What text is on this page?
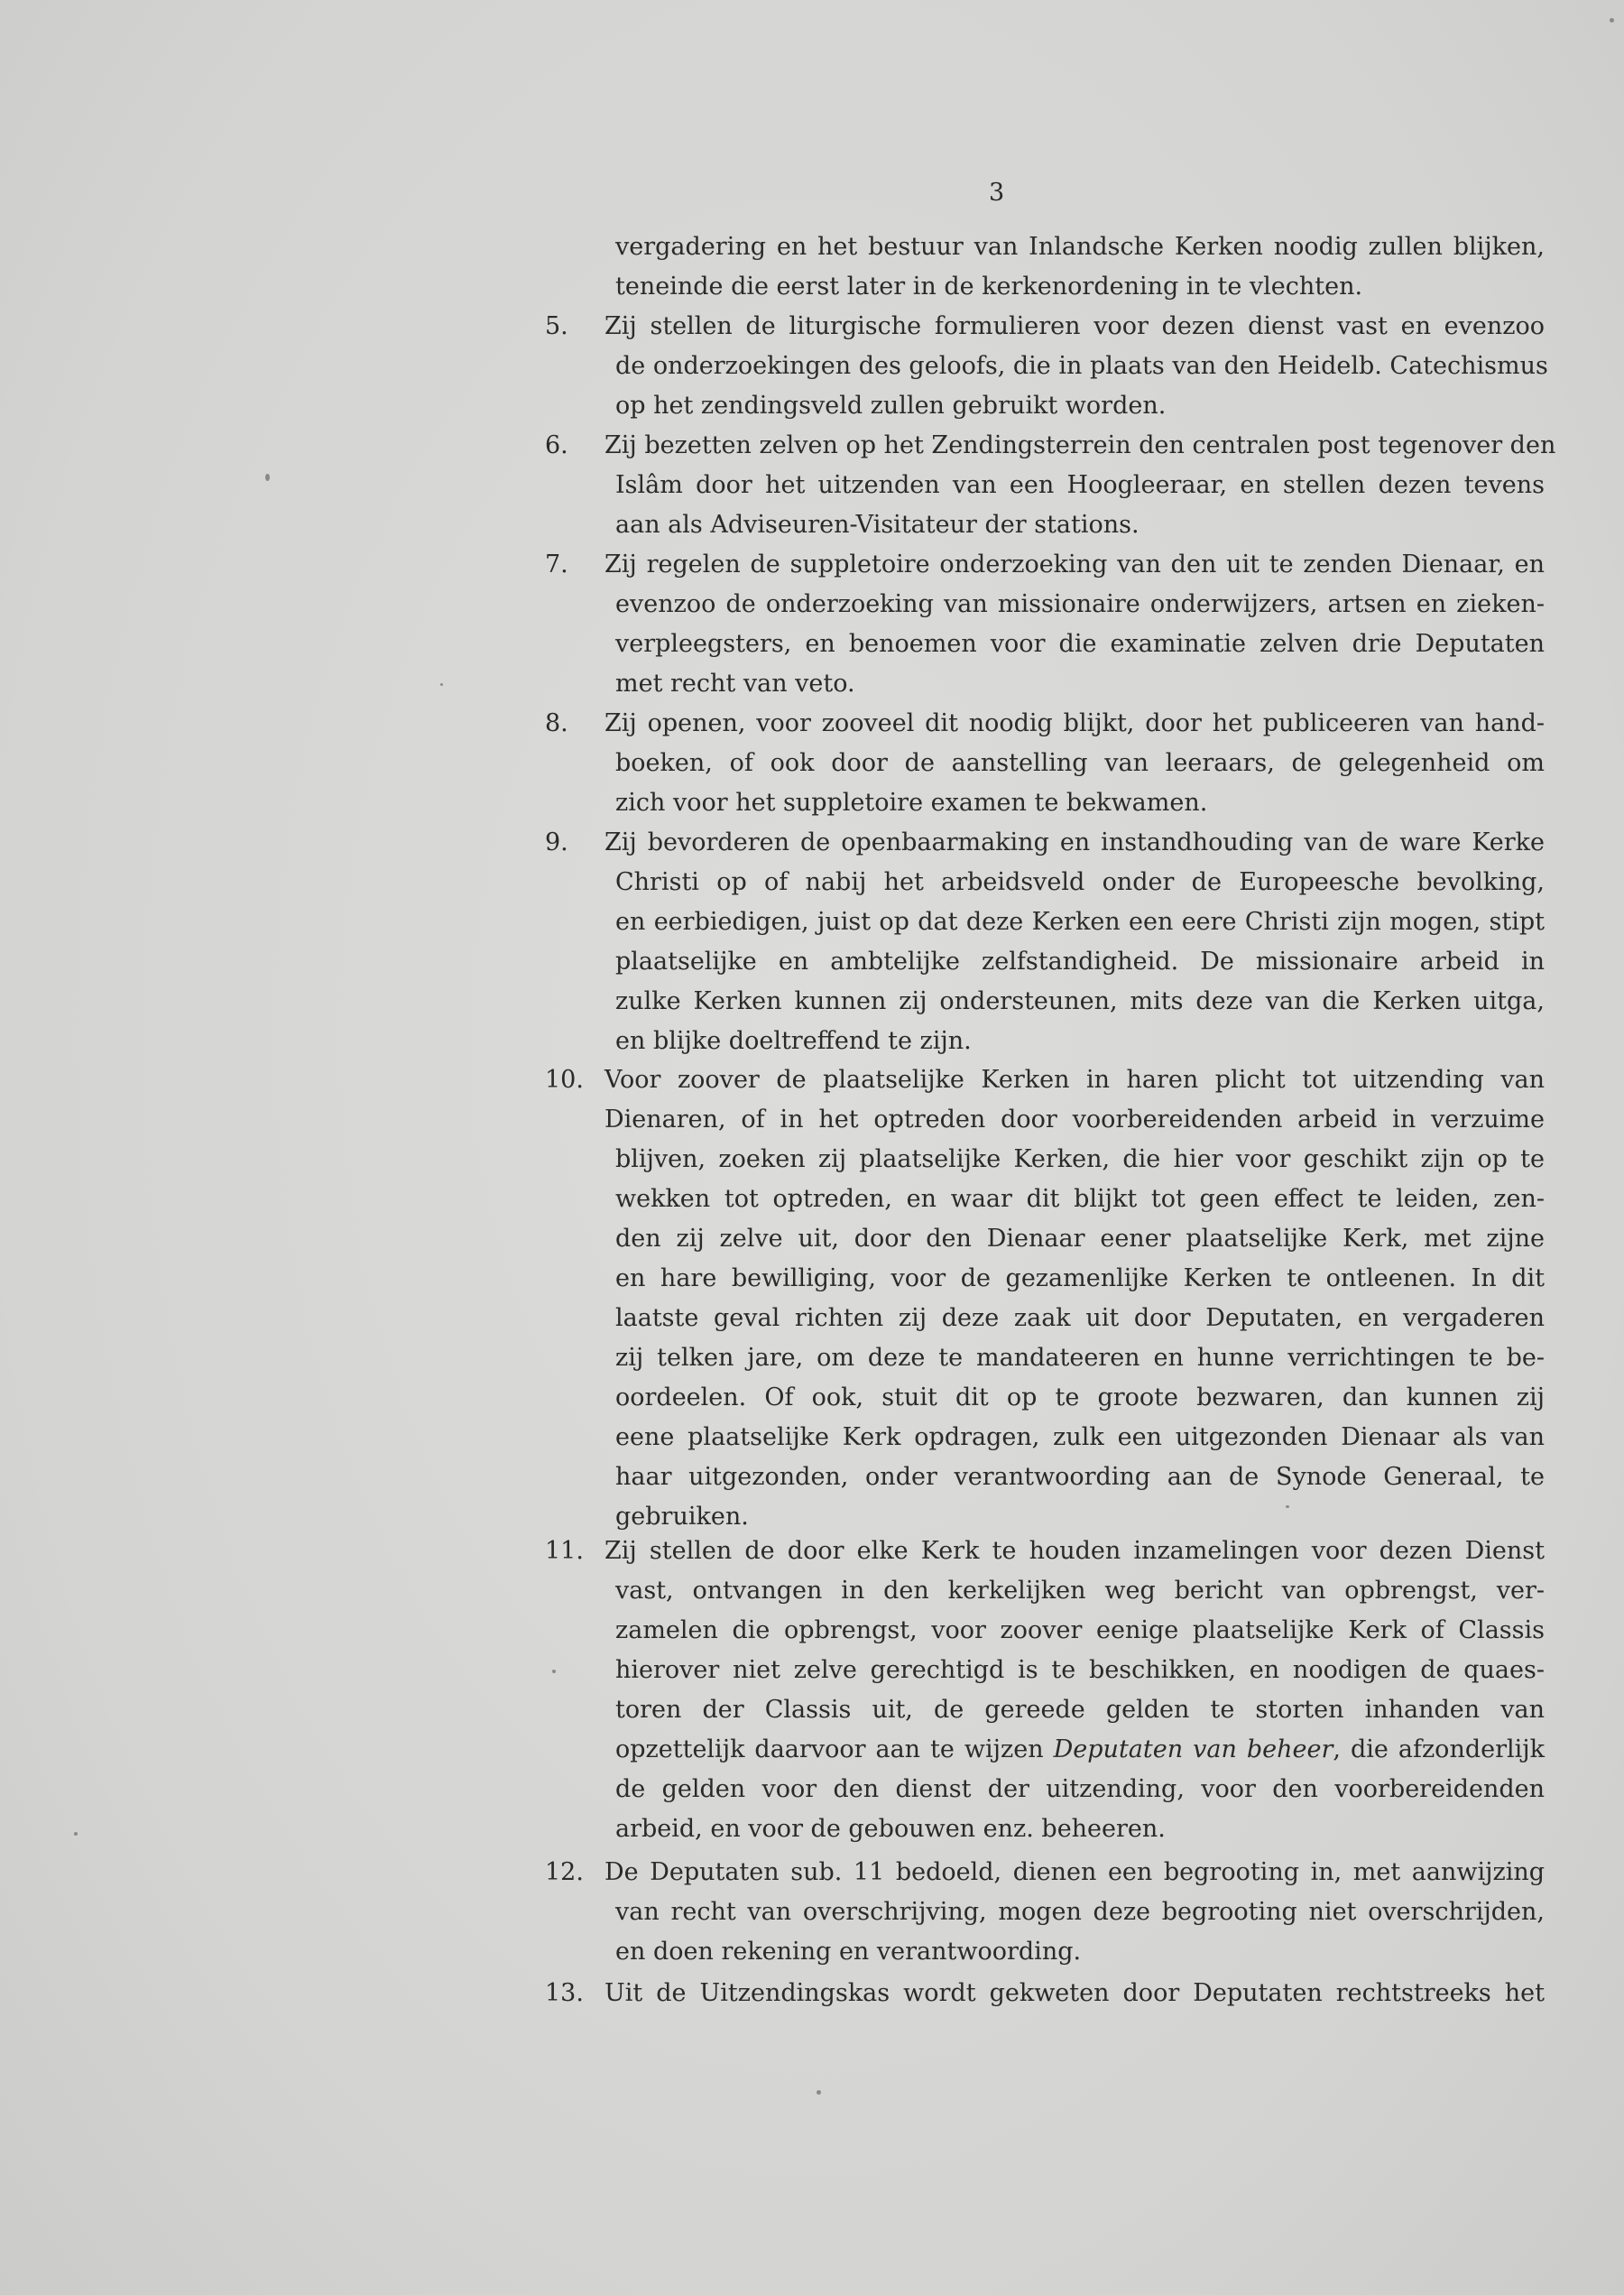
3
vergadering en het bestuur van Inlandsche Kerken noodig zullen blijken,
teneinde die eerst later in de kerkenordening in te vlechten.
5.	Zij stellen de liturgische formulieren voor dezen dienst vast en evenzoo
de onderzoekingen des geloofs, die in plaats van den Heidelb. Catechismus
op het zendingsveld zullen gebruikt worden.
6.	Zij bezetten zelven op het Zendingsterrein den centralen post tegenover den
Islâm door het uitzenden van een Hoogleeraar, en stellen dezen tevens
aan als Adviseuren-Visitateur der stations.
7.	Zij regelen de suppletoire onderzoeking van den uit te zenden Dienaar, en
evenzoo de onderzoeking van missionaire onderwijzers, artsen en zieken-
verpleegsters, en benoemen voor die examinatie zelven drie Deputaten
met recht van veto.
8.	Zij openen, voor zooveel dit noodig blijkt, door het publiceeren van hand-
boeken, of ook door de aanstelling van leeraars, de gelegenheid om
zich voor het suppletoire examen te bekwamen.
9.	Zij bevorderen de openbaarmaking en instandhouding van de ware Kerke
Christi op of nabij het arbeidsveld onder de Europeesche bevolking,
en eerbiedigen, juist op dat deze Kerken een eere Christi zijn mogen, stipt
plaatselijke en ambtelijke zelfstandigheid. De missionaire arbeid in
zulke Kerken kunnen zij ondersteunen, mits deze van die Kerken uitga,
en blijke doeltreffend te zijn.
10. Voor zoover de plaatselijke Kerken in haren plicht tot uitzending van
Dienaren, of in het optreden door voorbereidenden arbeid in verzuime
blijven, zoeken zij plaatselijke Kerken, die hier voor geschikt zijn op te
wekken tot optreden, en waar dit blijkt tot geen effect te leiden, zen-
den zij zelve uit, door den Dienaar eener plaatselijke Kerk, met zijne
en hare bewilliging, voor de gezamenlijke Kerken te ontleenen. In dit
laatste geval richten zij deze zaak uit door Deputaten, en vergaderen
zij telken jare, om deze te mandateeren en hunne verrichtingen te be-
oordeelen. Of ook, stuit dit op te groote bezwaren, dan kunnen zij
eene plaatselijke Kerk opdragen, zulk een uitgezonden Dienaar als van
haar uitgezonden, onder verantwoording aan de Synode Generaal, te
gebruiken.
11. Zij stellen de door elke Kerk te houden inzamelingen voor dezen Dienst
vast, ontvangen in den kerkelijken weg bericht van opbrengst, ver-
zamelen die opbrengst, voor zoover eenige plaatselijke Kerk of Classis
hierover niet zelve gerechtigd is te beschikken, en noodigen de quaes-
toren der Classis uit, de gereede gelden te storten inhanden van
opzettelijk daarvoor aan te wijzen Deputaten van beheer, die afzonderlijk
de gelden voor den dienst der uitzending, voor den voorbereidenden
arbeid, en voor de gebouwen enz. beheeren.
12. De Deputaten sub. 11 bedoeld, dienen een begrooting in, met aanwijzing
van recht van overschrijving, mogen deze begrooting niet overschrijden,
en doen rekening en verantwoording.
13. Uit de Uitzendingskas wordt gekweten door Deputaten rechtstreeks het
